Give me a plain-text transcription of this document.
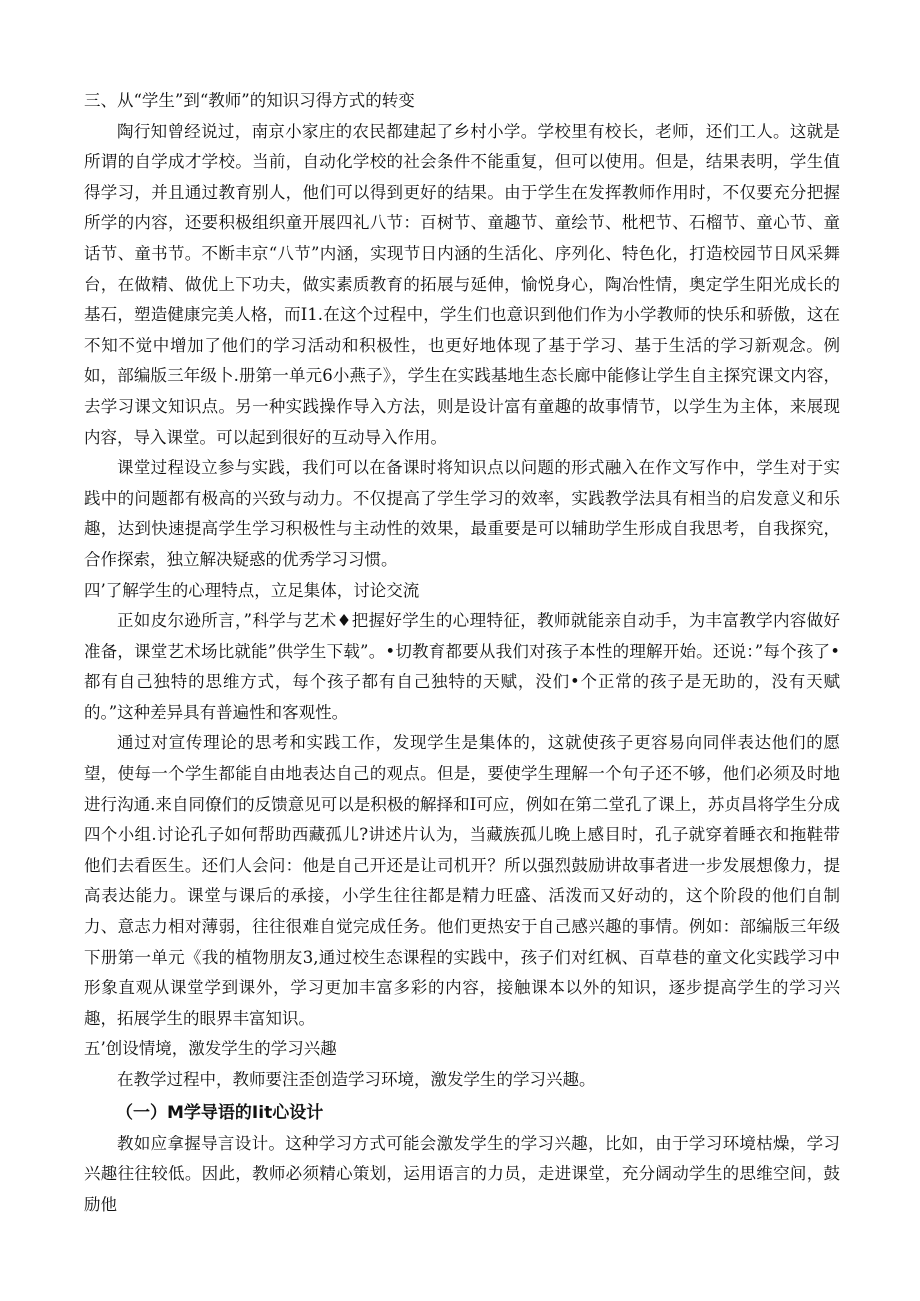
三、从“学生”到“教师”的知识习得方式的转变

陶行知曾经说过，南京小家庄的农民都建起了乡村小学。学校里有校长，老师，还们工人。这就是所谓的自学成才学校。当前，自动化学校的社会条件不能重复，但可以使用。但是，结果表明，学生值得学习，并且通过教育别人，他们可以得到更好的结果。由于学生在发挥教师作用时，不仅要充分把握所学的内容，还要积极组织童开展四礼八节：百树节、童趣节、童绘节、枇杷节、石榴节、童心节、童话节、童书节。不断丰京“八节”内涵，实现节日内涵的生活化、序列化、特色化，打造校园节日风采舞台，在做精、做优上下功夫，做实素质教育的拓展与延伸，愉悦身心，陶冶性情，奥定学生阳光成长的基石，塑造健康完美人格，而I1.在这个过程中，学生们也意识到他们作为小学教师的快乐和骄傲，这在不知不觉中增加了他们的学习活动和积极性，也更好地体现了基于学习、基于生活的学习新观念。例如，部编版三年级卜.册第一单元6小燕子》，学生在实践基地生态长廊中能修让学生自主探究课文内容，去学习课文知识点。另一种实践操作导入方法，则是设计富有童趣的故事情节，以学生为主体，来展现内容，导入课堂。可以起到很好的互动导入作用。

课堂过程设立参与实践，我们可以在备课时将知识点以问题的形式融入在作文写作中，学生对于实践中的问题都有极高的兴致与动力。不仅提高了学生学习的效率，实践教学法具有相当的启发意义和乐趣，达到快速提高学生学习积极性与主动性的效果，最重要是可以辅助学生形成自我思考，自我探究，合作探索，独立解决疑惑的优秀学习习惯。

四’了解学生的心理特点，立足集体，讨论交流

正如皮尔逊所言，”科学与艺术♦把握好学生的心理特征，教师就能亲自动手，为丰富教学内容做好准备，课堂艺术场比就能”供学生下载”。•切教育都要从我们对孩子本性的理解开始。还说：”每个孩了•都有自己独特的思维方式，每个孩子都有自己独特的天赋，没们•个正常的孩子是无助的，没有天赋的。”这种差异具有普遍性和客观性。

通过对宣传理论的思考和实践工作，发现学生是集体的，这就使孩子更容易向同伴表达他们的愿望，使每一个学生都能自由地表达自己的观点。但是，要使学生理解一个句子还不够，他们必须及时地进行沟通.来自同僚们的反馈意见可以是积极的解择和I可应，例如在第二堂孔了课上，苏贞昌将学生分成四个小组.讨论孔子如何帮助西藏孤儿?讲述片认为，当藏族孤儿晚上感目时，孔子就穿着睡衣和拖鞋带他们去看医生。还们人会问：他是自己开还是让司机开？所以强烈鼓励讲故事者进一步发展想像力，提高表达能力。课堂与课后的承接，小学生往往都是精力旺盛、活泼而又好动的，这个阶段的他们自制力、意志力相对薄弱，往往很难自觉完成任务。他们更热安于自己感兴趣的事情。例如：部编版三年级下册第一单元《我的植物朋友3,通过校生态课程的实践中，孩子们对红枫、百草巷的童文化实践学习中形象直观从课堂学到课外，学习更加丰富多彩的内容，接触课本以外的知识，逐步提高学生的学习兴趣，拓展学生的眼界丰富知识。

五’创设情境，激发学生的学习兴趣

在教学过程中，教师要注歪创造学习环境，激发学生的学习兴趣。

（一）M学导语的Iit心设计

教如应拿握导言设计。这种学习方式可能会激发学生的学习兴趣，比如，由于学习环境枯燥，学习兴趣往往较低。因此，教师必须精心策划，运用语言的力员，走进课堂，充分阔动学生的思维空间，鼓励他
